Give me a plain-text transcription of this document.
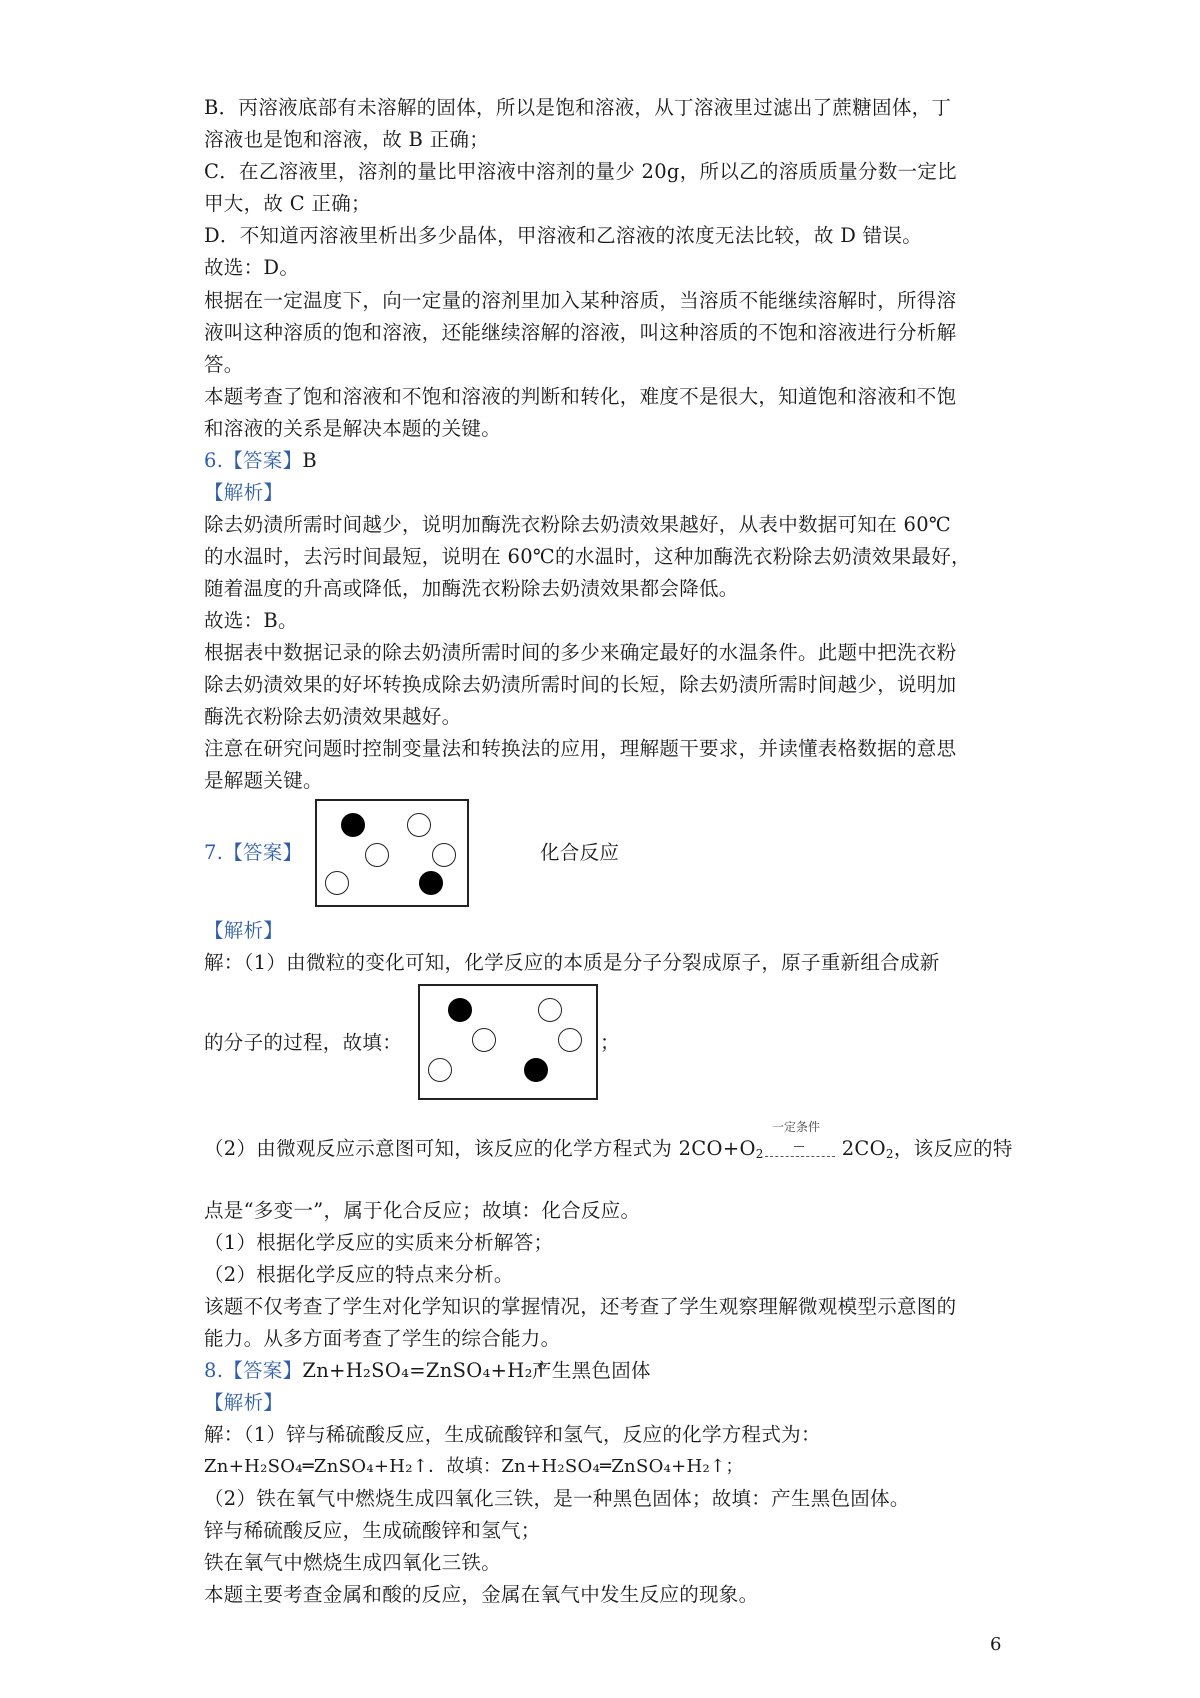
B．丙溶液底部有未溶解的固体，所以是饱和溶液，从丁溶液里过滤出了蔗糖固体，丁
溶液也是饱和溶液，故 B 正确；
C．在乙溶液里，溶剂的量比甲溶液中溶剂的量少 20g，所以乙的溶质质量分数一定比
甲大，故 C 正确；
D．不知道丙溶液里析出多少晶体，甲溶液和乙溶液的浓度无法比较，故 D 错误。
故选：D。
根据在一定温度下，向一定量的溶剂里加入某种溶质，当溶质不能继续溶解时，所得溶
液叫这种溶质的饱和溶液，还能继续溶解的溶液，叫这种溶质的不饱和溶液进行分析解
答。
本题考查了饱和溶液和不饱和溶液的判断和转化，难度不是很大，知道饱和溶液和不饱
和溶液的关系是解决本题的关键。
6.【答案】B
【解析】
除去奶渍所需时间越少，说明加酶洗衣粉除去奶渍效果越好，从表中数据可知在 60℃
的水温时，去污时间最短，说明在 60℃的水温时，这种加酶洗衣粉除去奶渍效果最好，
随着温度的升高或降低，加酶洗衣粉除去奶渍效果都会降低。
故选：B。
根据表中数据记录的除去奶渍所需时间的多少来确定最好的水温条件。此题中把洗衣粉
除去奶渍效果的好坏转换成除去奶渍所需时间的长短，除去奶渍所需时间越少，说明加
酶洗衣粉除去奶渍效果越好。
注意在研究问题时控制变量法和转换法的应用，理解题干要求，并读懂表格数据的意思
是解题关键。
7.【答案】	化合反应
【解析】
解：（1）由微粒的变化可知，化学反应的本质是分子分裂成原子，原子重新组合成新
的分子的过程，故填：	；
（2）由微观反应示意图可知，该反应的化学方程式为 $2CO+O_2$	$2CO_2$，该反应的特
一定条件
点是“多变一”，属于化合反应；故填：化合反应。
（1）根据化学反应的实质来分析解答；
（2）根据化学反应的特点来分析。
该题不仅考查了学生对化学知识的掌握情况，还考查了学生观察理解微观模型示意图的
能力。从多方面考查了学生的综合能力。
8.【答案】Zn+H₂SO₄=ZnSO₄+H₂↑
产生黑色固体
【解析】
解：（1）锌与稀硫酸反应，生成硫酸锌和氢气，反应的化学方程式为：
Zn+H₂SO₄═ZnSO₄+H₂↑．故填：Zn+H₂SO₄═ZnSO₄+H₂↑；
（2）铁在氧气中燃烧生成四氧化三铁，是一种黑色固体；故填：产生黑色固体。
锌与稀硫酸反应，生成硫酸锌和氢气；
铁在氧气中燃烧生成四氧化三铁。
本题主要考查金属和酸的反应，金属在氧气中发生反应的现象。
6
